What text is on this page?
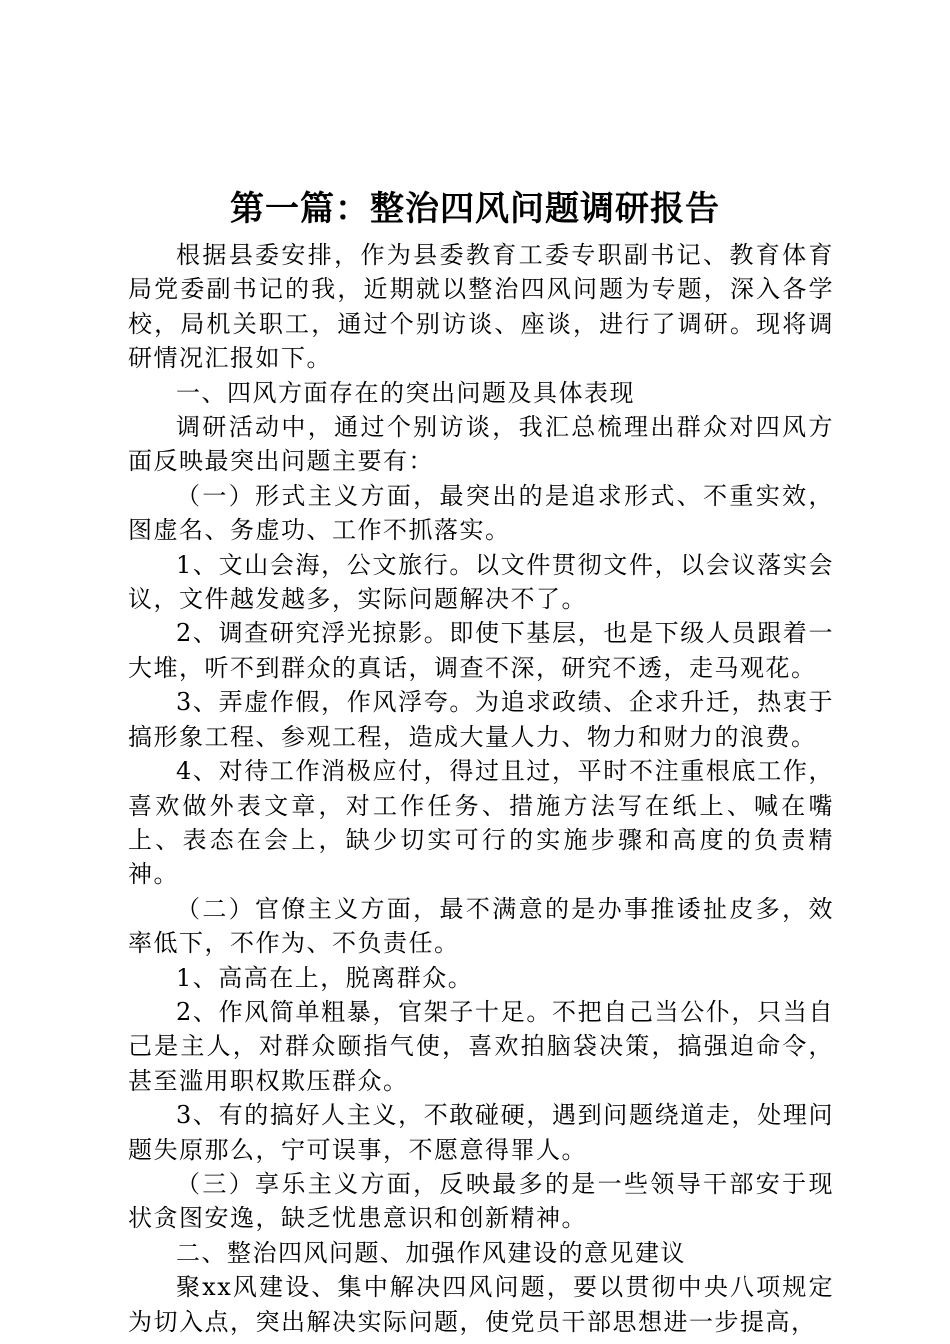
第一篇：整治四风问题调研报告

根据县委安排，作为县委教育工委专职副书记、教育体育局党委副书记的我，近期就以整治四风问题为专题，深入各学校，局机关职工，通过个别访谈、座谈，进行了调研。现将调研情况汇报如下。

一、四风方面存在的突出问题及具体表现

调研活动中，通过个别访谈，我汇总梳理出群众对四风方面反映最突出问题主要有：

（一）形式主义方面，最突出的是追求形式、不重实效，图虚名、务虚功、工作不抓落实。

1、文山会海，公文旅行。以文件贯彻文件，以会议落实会议，文件越发越多，实际问题解决不了。

2、调查研究浮光掠影。即使下基层，也是下级人员跟着一大堆，听不到群众的真话，调查不深，研究不透，走马观花。

3、弄虚作假，作风浮夸。为追求政绩、企求升迁，热衷于搞形象工程、参观工程，造成大量人力、物力和财力的浪费。

4、对待工作消极应付，得过且过，平时不注重根底工作，喜欢做外表文章，对工作任务、措施方法写在纸上、喊在嘴上、表态在会上，缺少切实可行的实施步骤和高度的负责精神。

（二）官僚主义方面，最不满意的是办事推诿扯皮多，效率低下，不作为、不负责任。

1、高高在上，脱离群众。

2、作风简单粗暴，官架子十足。不把自己当公仆，只当自己是主人，对群众颐指气使，喜欢拍脑袋决策，搞强迫命令，甚至滥用职权欺压群众。

3、有的搞好人主义，不敢碰硬，遇到问题绕道走，处理问题失原那么，宁可误事，不愿意得罪人。

（三）享乐主义方面，反映最多的是一些领导干部安于现状贪图安逸，缺乏忧患意识和创新精神。

二、整治四风问题、加强作风建设的意见建议

聚xx风建设、集中解决四风问题，要以贯彻中央八项规定为切入点，突出解决实际问题，使党员干部思想进一步提高，
